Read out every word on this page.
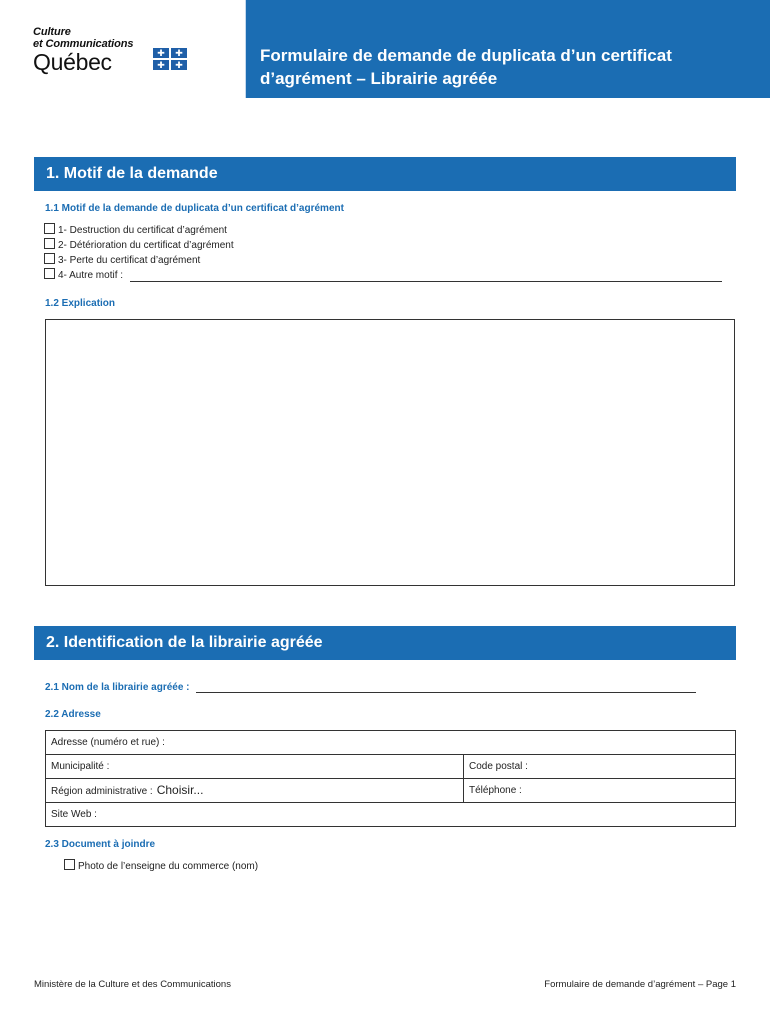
Culture
et Communications
Québec	✚	✚
✚	✚	Formulaire de demande de duplicata d’un certificat d’agrément – Librairie agréée
1. Motif de la demande
1.1 Motif de la demande de duplicata d’un certificat d’agrément
1- Destruction du certificat d’agrément
2- Détérioration du certificat d’agrément
3- Perte du certificat d’agrément
4- Autre motif :
1.2 Explication
2. Identification de la librairie agréée
2.1 Nom de la librairie agréée :
2.2 Adresse
Adresse (numéro et rue) :
Municipalité :	Code postal :
Région administrative : Choisir...	Téléphone :
Site Web :
2.3 Document à joindre
Photo de l’enseigne du commerce (nom)
Ministère de la Culture et des Communications	Formulaire de demande d’agrément – Page 1
